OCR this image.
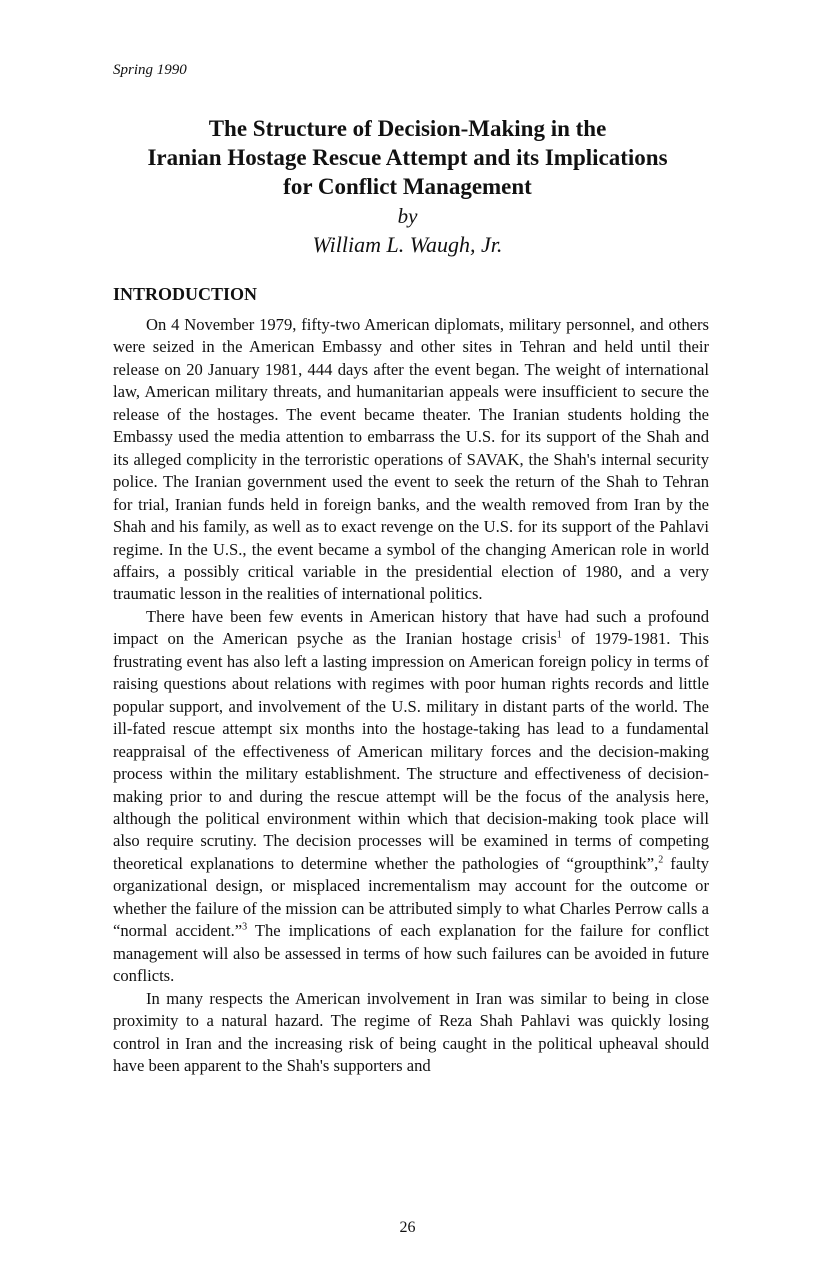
Spring 1990
The Structure of Decision-Making in the
Iranian Hostage Rescue Attempt and its Implications
for Conflict Management
by
William L. Waugh, Jr.
INTRODUCTION

On 4 November 1979, fifty-two American diplomats, military personnel, and others were seized in the American Embassy and other sites in Tehran and held until their release on 20 January 1981, 444 days after the event began. The weight of international law, American military threats, and humanitarian appeals were insufficient to secure the release of the hostages. The event became theater. The Iranian students holding the Embassy used the media attention to embarrass the U.S. for its support of the Shah and its alleged complicity in the terroristic operations of SAVAK, the Shah's internal security police. The Iranian government used the event to seek the return of the Shah to Tehran for trial, Iranian funds held in foreign banks, and the wealth removed from Iran by the Shah and his family, as well as to exact revenge on the U.S. for its support of the Pahlavi regime. In the U.S., the event became a symbol of the changing American role in world affairs, a possibly critical variable in the presidential election of 1980, and a very traumatic lesson in the realities of international politics.

There have been few events in American history that have had such a profound impact on the American psyche as the Iranian hostage crisis$^1$ of 1979-1981. This frustrating event has also left a lasting impression on American foreign policy in terms of raising questions about relations with regimes with poor human rights records and little popular support, and involvement of the U.S. military in distant parts of the world. The ill-fated rescue attempt six months into the hostage-taking has lead to a fundamental reappraisal of the effectiveness of American military forces and the decision-making process within the military establishment. The structure and effectiveness of decision-making prior to and during the rescue attempt will be the focus of the analysis here, although the political environment within which that decision-making took place will also require scrutiny. The decision processes will be examined in terms of competing theoretical explanations to determine whether the pathologies of “groupthink”,$^2$ faulty organizational design, or misplaced incrementalism may account for the outcome or whether the failure of the mission can be attributed simply to what Charles Perrow calls a “normal accident.”$^3$ The implications of each explanation for the failure for conflict management will also be assessed in terms of how such failures can be avoided in future conflicts.

In many respects the American involvement in Iran was similar to being in close proximity to a natural hazard. The regime of Reza Shah Pahlavi was quickly losing control in Iran and the increasing risk of being caught in the political upheaval should have been apparent to the Shah's supporters and

26
